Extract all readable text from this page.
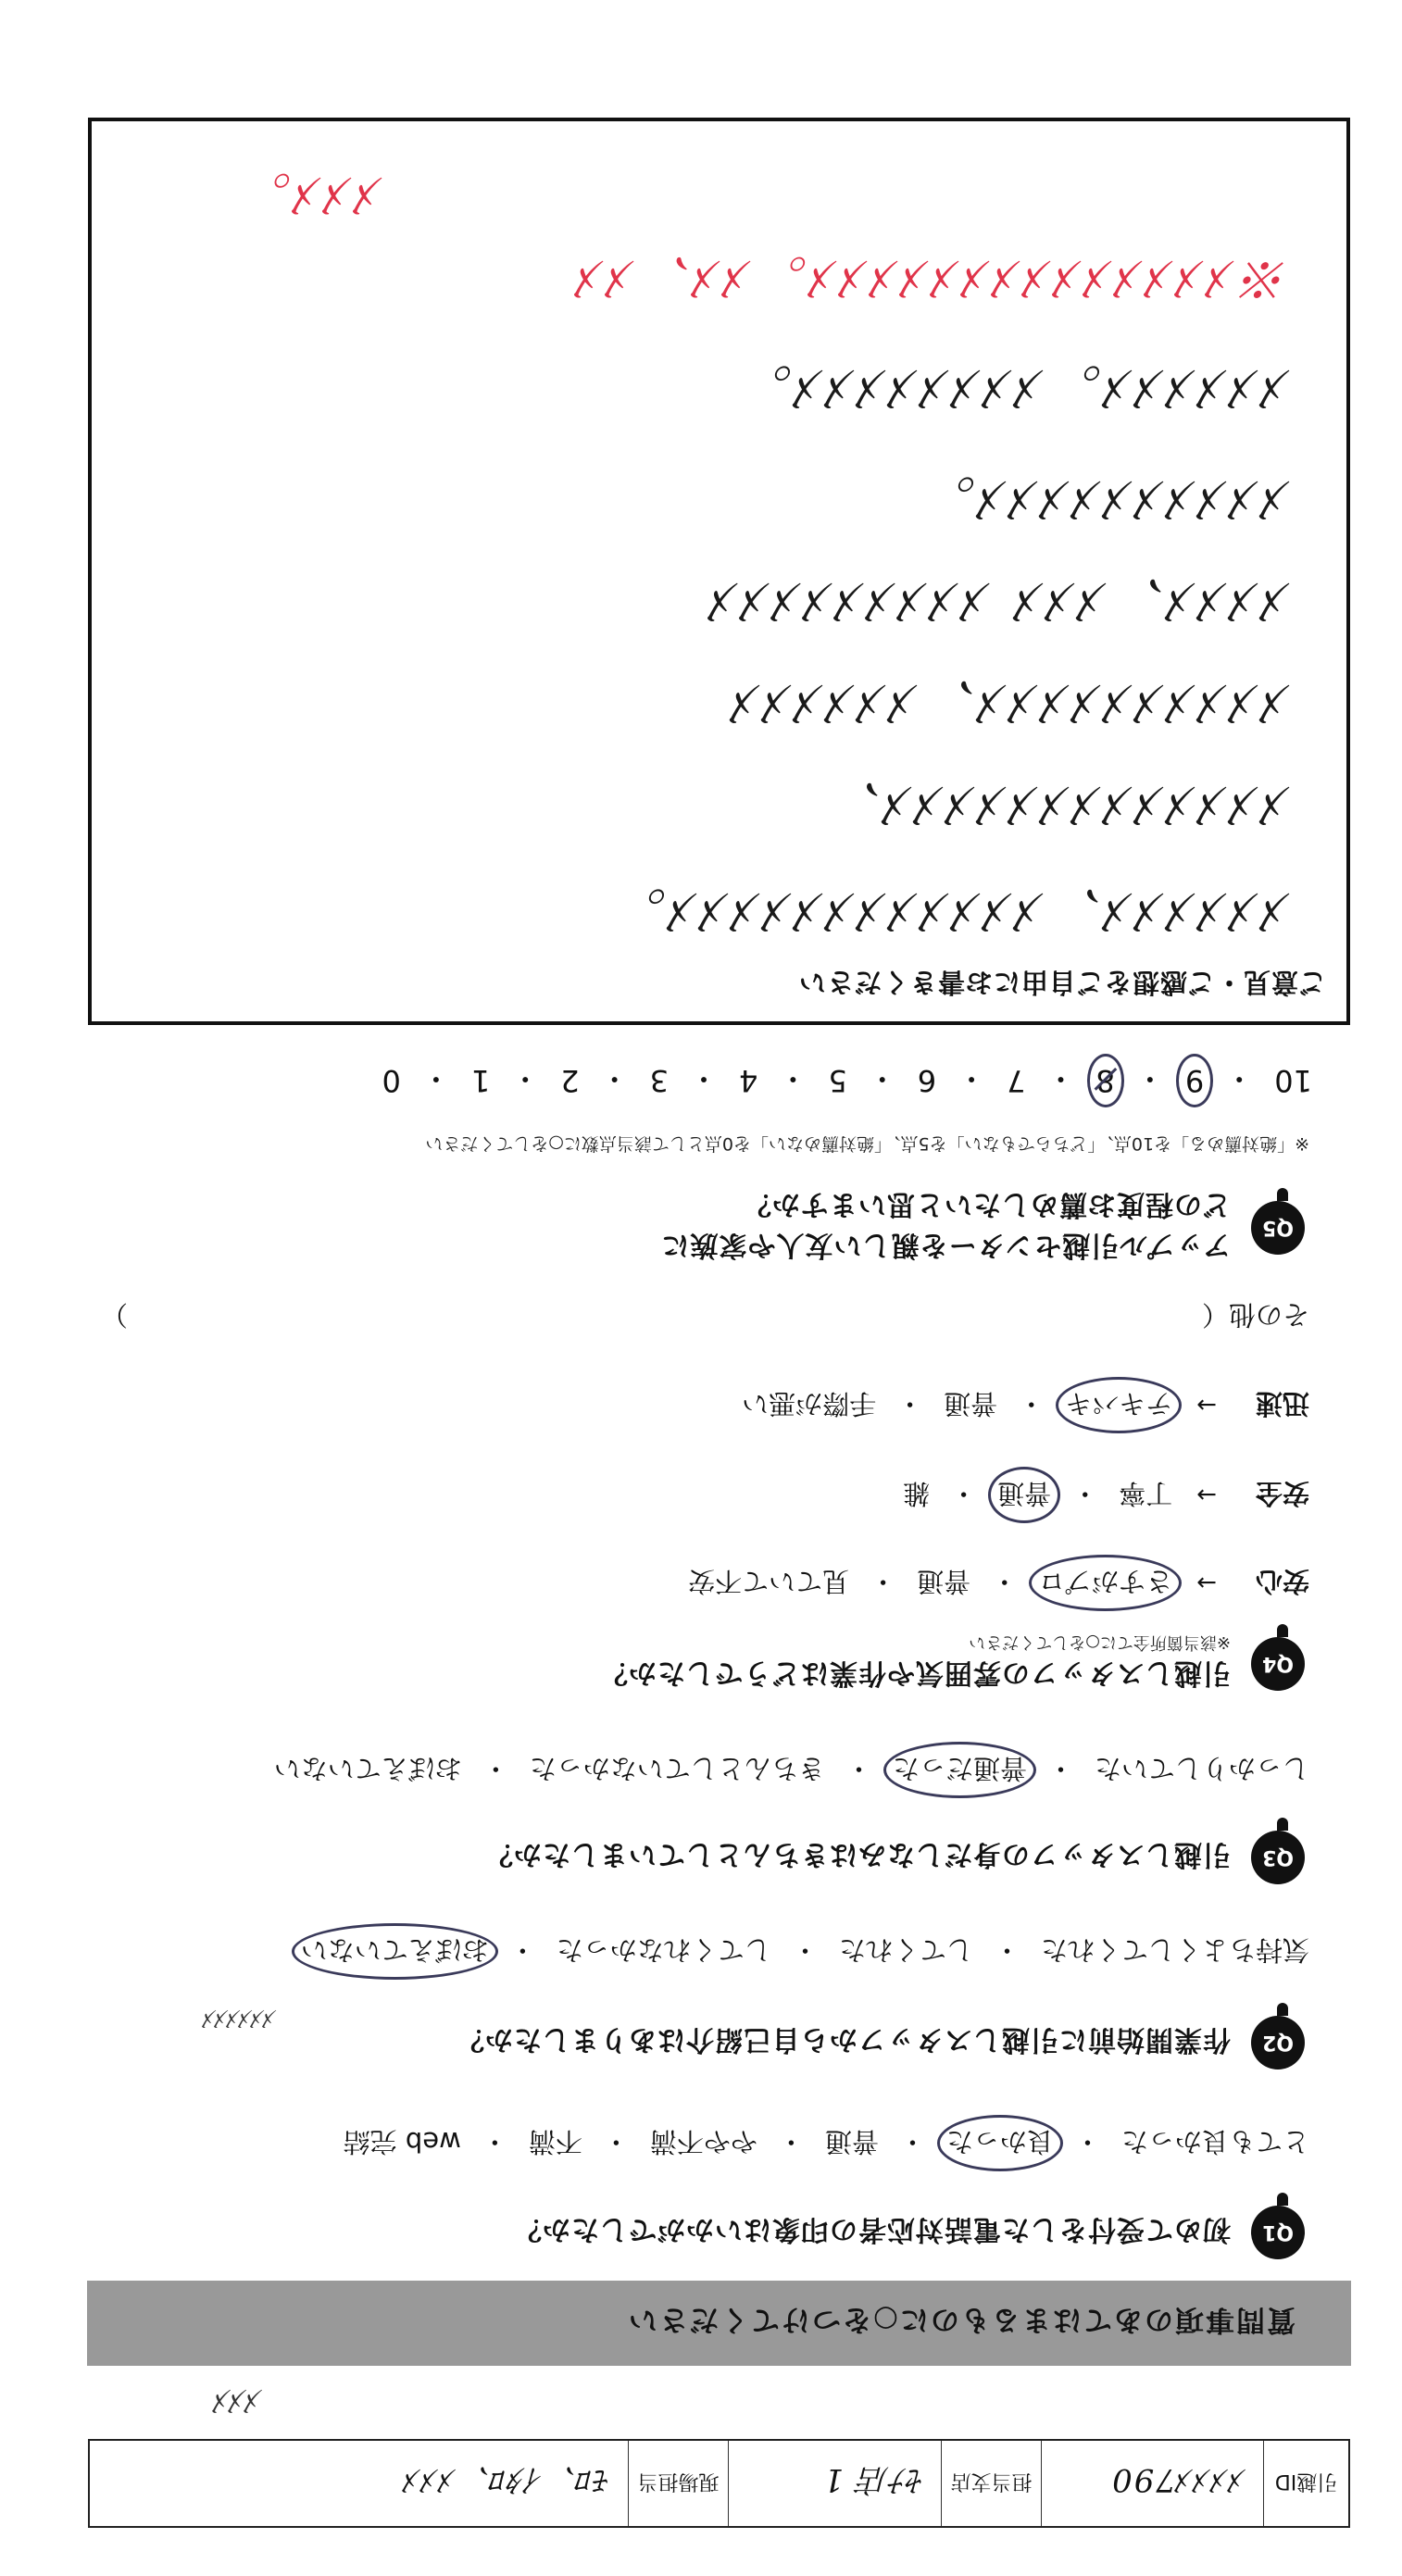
引越ID
ﾒﾒﾒﾒ790
担当支店
ｾﾅ店 1
現場担当
ﾓﾛ、ｲﾀﾛ、ﾒﾒﾒ
ﾒﾒﾒ
質問事項のあてはまるものに○をつけてください
Q1
初めて受付をした電話対応者の印象はいかがでしたか？
とても良かった
・
良かった
・
普通
・
やや不満
・
不満
・
web 完結
Q2
作業開始前に引越しスタッフから自己紹介はありましたか？
気持ちよくしてくれた
・
してくれた
・
してくれなかった
・
おぼえていない
ﾒﾒﾒﾒﾒﾒ
Q3
引越しスタッフの身だしなみはきちんとしていましたか？
しっかりしていた
・
普通だった
・
きちんとしていなかった
・
おぼえていない
Q4
引越しスタッフの雰囲気や作業はどうでしたか？
※該当箇所全てに○をしてください
安心
→
さすがプロ
・
普通
・
見ていて不安
安全
→
丁寧
・
普通
・
雑
迅速
→
テキパキ
・
普通
・
手際が悪い
その他（　　　　　　　　　　　　　　　　　　　　　　　　　　　　　　　　　　　　　　　　）
Q5
アップル引越センターを親しい友人や家族に
どの程度お薦めしたいと思いますか？
※「絶対薦める」を10点、「どちらでもない」を5点、「絶対薦めない」を0点として該当点数に○をしてください
10
・
9
・
8
・
7
・
6
・
5
・
4
・
3
・
2
・
1
・
0
ご意見・ご感想をご自由にお書きください
ﾒﾒﾒﾒﾒﾒ、ﾒﾒﾒﾒﾒﾒﾒﾒﾒﾒﾒﾒ。
ﾒﾒﾒﾒﾒﾒﾒﾒﾒﾒﾒﾒﾒ、
ﾒﾒﾒﾒﾒﾒﾒﾒﾒﾒ、ﾒﾒﾒﾒﾒﾒ
ﾒﾒﾒﾒ、ﾒﾒﾒ ﾒﾒﾒﾒﾒﾒﾒﾒﾒ
ﾒﾒﾒﾒﾒﾒﾒﾒﾒﾒ。
ﾒﾒﾒﾒﾒﾒ。ﾒﾒﾒﾒﾒﾒﾒﾒ。
※ﾒﾒﾒﾒﾒﾒﾒﾒﾒﾒﾒﾒﾒﾒ。ﾒﾒ、ﾒﾒ
ﾒﾒﾒ。
